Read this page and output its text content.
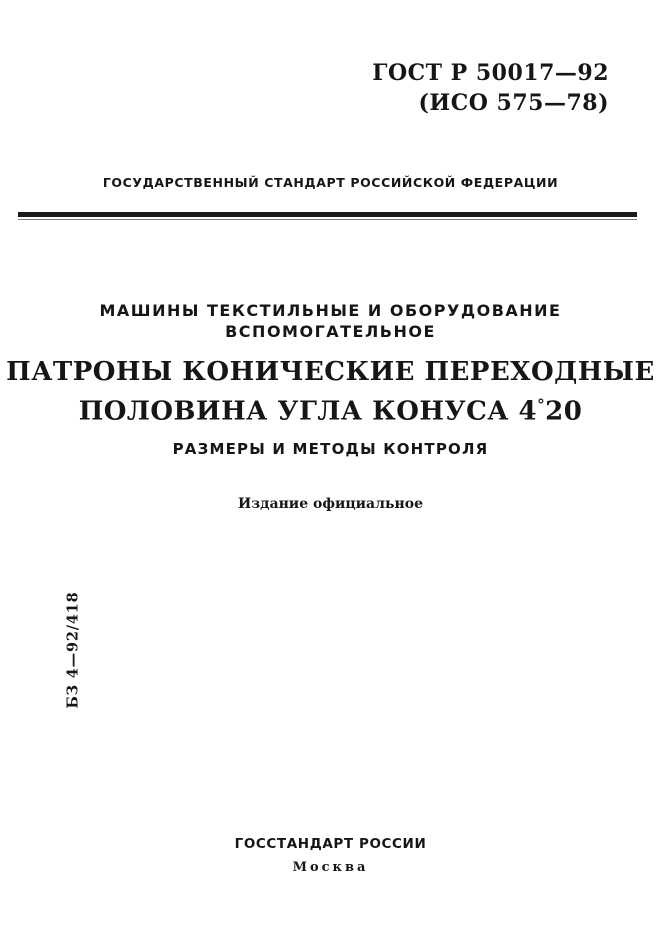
ГОСТ Р 50017—92
(ИСО 575—78)
ГОСУДАРСТВЕННЫЙ СТАНДАРТ РОССИЙСКОЙ ФЕДЕРАЦИИ
МАШИНЫ ТЕКСТИЛЬНЫЕ И ОБОРУДОВАНИЕ
ВСПОМОГАТЕЛЬНОЕ
ПАТРОНЫ КОНИЧЕСКИЕ ПЕРЕХОДНЫЕ
ПОЛОВИНА УГЛА КОНУСА 4°20
РАЗМЕРЫ И МЕТОДЫ КОНТРОЛЯ
Издание официальное
БЗ 4—92/418
ГОССТАНДАРТ РОССИИ
Москва
